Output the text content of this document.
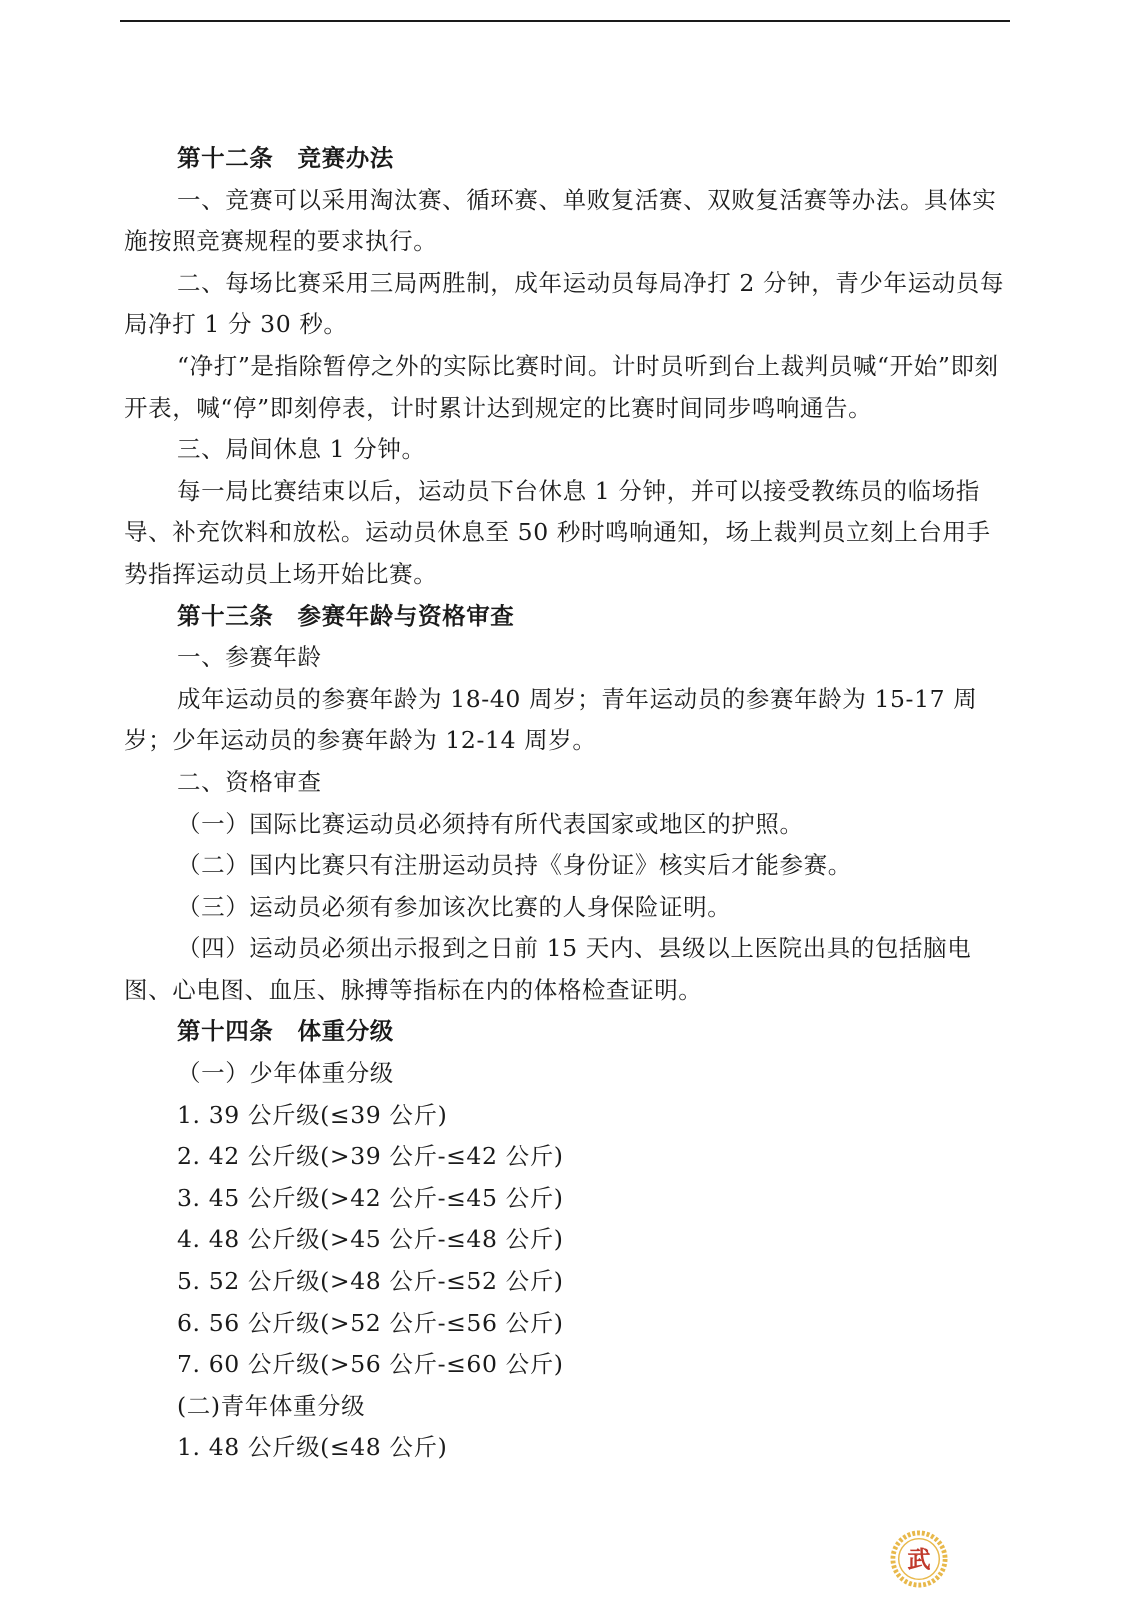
第十二条　竞赛办法

一、竞赛可以采用淘汰赛、循环赛、单败复活赛、双败复活赛等办法。具体实施按照竞赛规程的要求执行。

二、每场比赛采用三局两胜制，成年运动员每局净打 2 分钟，青少年运动员每局净打 1 分 30 秒。

“净打”是指除暂停之外的实际比赛时间。计时员听到台上裁判员喊“开始”即刻开表，喊“停”即刻停表，计时累计达到规定的比赛时间同步鸣响通告。

三、局间休息 1 分钟。

每一局比赛结束以后，运动员下台休息 1 分钟，并可以接受教练员的临场指导、补充饮料和放松。运动员休息至 50 秒时鸣响通知，场上裁判员立刻上台用手势指挥运动员上场开始比赛。

第十三条　参赛年龄与资格审查

一、参赛年龄

成年运动员的参赛年龄为 18-40 周岁；青年运动员的参赛年龄为 15-17 周岁；少年运动员的参赛年龄为 12-14 周岁。

二、资格审查

（一）国际比赛运动员必须持有所代表国家或地区的护照。

（二）国内比赛只有注册运动员持《身份证》核实后才能参赛。

（三）运动员必须有参加该次比赛的人身保险证明。

（四）运动员必须出示报到之日前 15 天内、县级以上医院出具的包括脑电图、心电图、血压、脉搏等指标在内的体格检查证明。

第十四条　体重分级

（一）少年体重分级

1. 39 公斤级(≤39 公斤)

2. 42 公斤级(>39 公斤-≤42 公斤)

3. 45 公斤级(>42 公斤-≤45 公斤)

4. 48 公斤级(>45 公斤-≤48 公斤)

5. 52 公斤级(>48 公斤-≤52 公斤)

6. 56 公斤级(>52 公斤-≤56 公斤)

7. 60 公斤级(>56 公斤-≤60 公斤)

(二)青年体重分级

1. 48 公斤级(≤48 公斤)

武
